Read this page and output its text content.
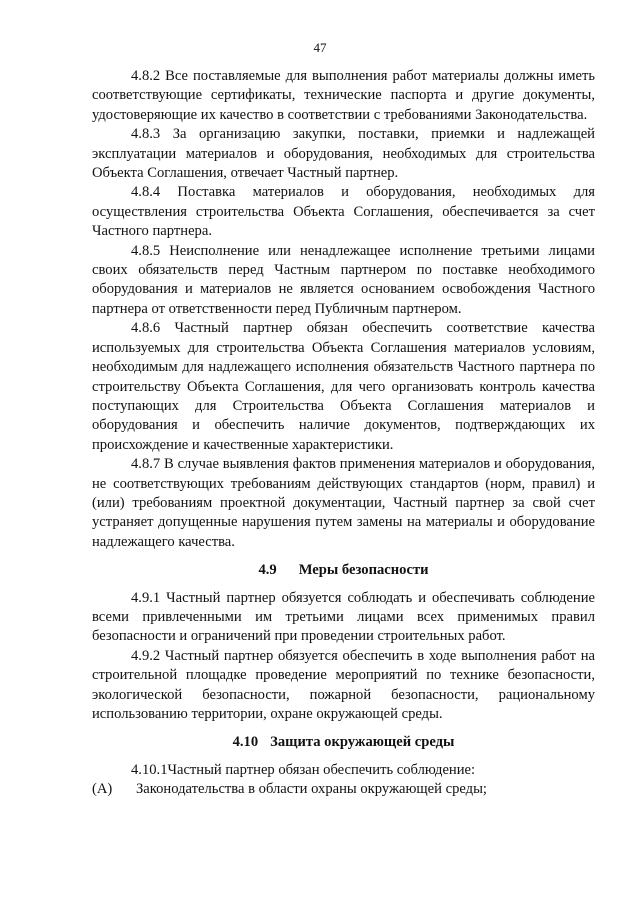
47

4.8.2 Все поставляемые для выполнения работ материалы должны иметь соответствующие сертификаты, технические паспорта и другие документы, удостоверяющие их качество в соответствии с требованиями Законодательства.

4.8.3 За организацию закупки, поставки, приемки и надлежащей эксплуатации материалов и оборудования, необходимых для строительства Объекта Соглашения, отвечает Частный партнер.

4.8.4 Поставка материалов и оборудования, необходимых для осуществления строительства Объекта Соглашения, обеспечивается за счет Частного партнера.

4.8.5 Неисполнение или ненадлежащее исполнение третьими лицами своих обязательств перед Частным партнером по поставке необходимого оборудования и материалов не является основанием освобождения Частного партнера от ответственности перед Публичным партнером.

4.8.6 Частный партнер обязан обеспечить соответствие качества используемых для строительства Объекта Соглашения материалов условиям, необходимым для надлежащего исполнения обязательств Частного партнера по строительству Объекта Соглашения, для чего организовать контроль качества поступающих для Строительства Объекта Соглашения материалов и оборудования и обеспечить наличие документов, подтверждающих их происхождение и качественные характеристики.

4.8.7 В случае выявления фактов применения материалов и оборудования, не соответствующих требованиям действующих стандартов (норм, правил) и (или) требованиям проектной документации, Частный партнер за свой счет устраняет допущенные нарушения путем замены на материалы и оборудование надлежащего качества.

4.9 Меры безопасности

4.9.1 Частный партнер обязуется соблюдать и обеспечивать соблюдение всеми привлеченными им третьими лицами всех применимых правил безопасности и ограничений при проведении строительных работ.

4.9.2 Частный партнер обязуется обеспечить в ходе выполнения работ на строительной площадке проведение мероприятий по технике безопасности, экологической безопасности, пожарной безопасности, рациональному использованию территории, охране окружающей среды.

4.10 Защита окружающей среды

4.10.1Частный партнер обязан обеспечить соблюдение:

(A)	Законодательства в области охраны окружающей среды;
